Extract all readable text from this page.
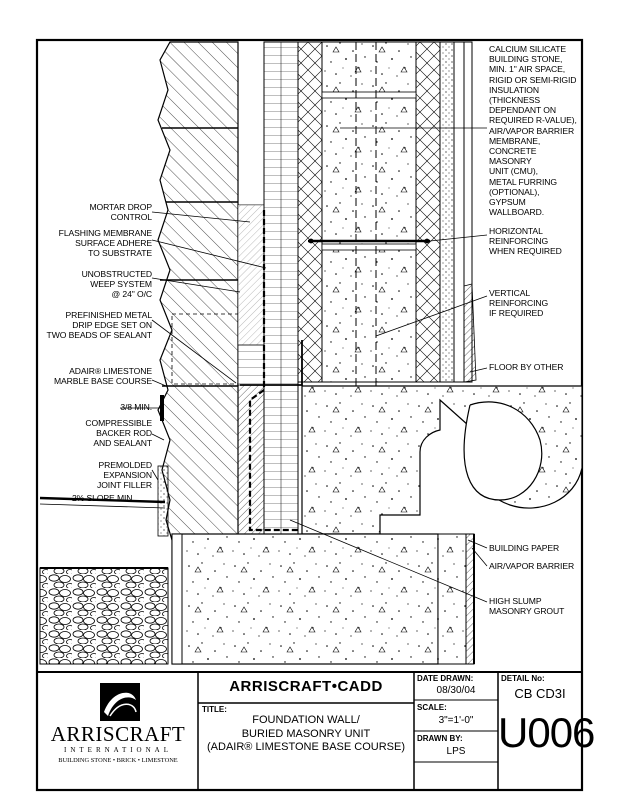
MORTAR DROP
CONTROL
FLASHING MEMBRANE
SURFACE ADHERE
TO SUBSTRATE
UNOBSTRUCTED
WEEP SYSTEM
@ 24" O/C
PREFINISHED METAL
DRIP EDGE SET ON
TWO BEADS OF SEALANT
ADAIR® LIMESTONE
MARBLE BASE COURSE
3/8 MIN.
COMPRESSIBLE
BACKER ROD
AND SEALANT
PREMOLDED
EXPANSION
JOINT FILLER
2% SLOPE MIN.
CALCIUM SILICATE
BUILDING STONE,
MIN. 1" AIR SPACE,
RIGID OR SEMI-RIGID
INSULATION (THICKNESS
DEPENDANT ON
REQUIRED R-VALUE),
AIR/VAPOR BARRIER
MEMBRANE,
CONCRETE MASONRY
UNIT (CMU),
METAL FURRING
(OPTIONAL),
GYPSUM WALLBOARD.
HORIZONTAL
REINFORCING
WHEN REQUIRED
VERTICAL
REINFORCING
IF REQUIRED
FLOOR BY OTHER
BUILDING PAPER
AIR/VAPOR BARRIER
HIGH SLUMP
MASONRY GROUT
ARRISCRAFT
INTERNATIONAL
BUILDING STONE • BRICK • LIMESTONE
ARRISCRAFT•CADD
TITLE:
FOUNDATION WALL/
BURIED MASONRY UNIT
(ADAIR® LIMESTONE BASE COURSE)
DATE DRAWN:
08/30/04
SCALE:
3"=1'-0"
DRAWN BY:
LPS
DETAIL No:
CB CD3I
U006
